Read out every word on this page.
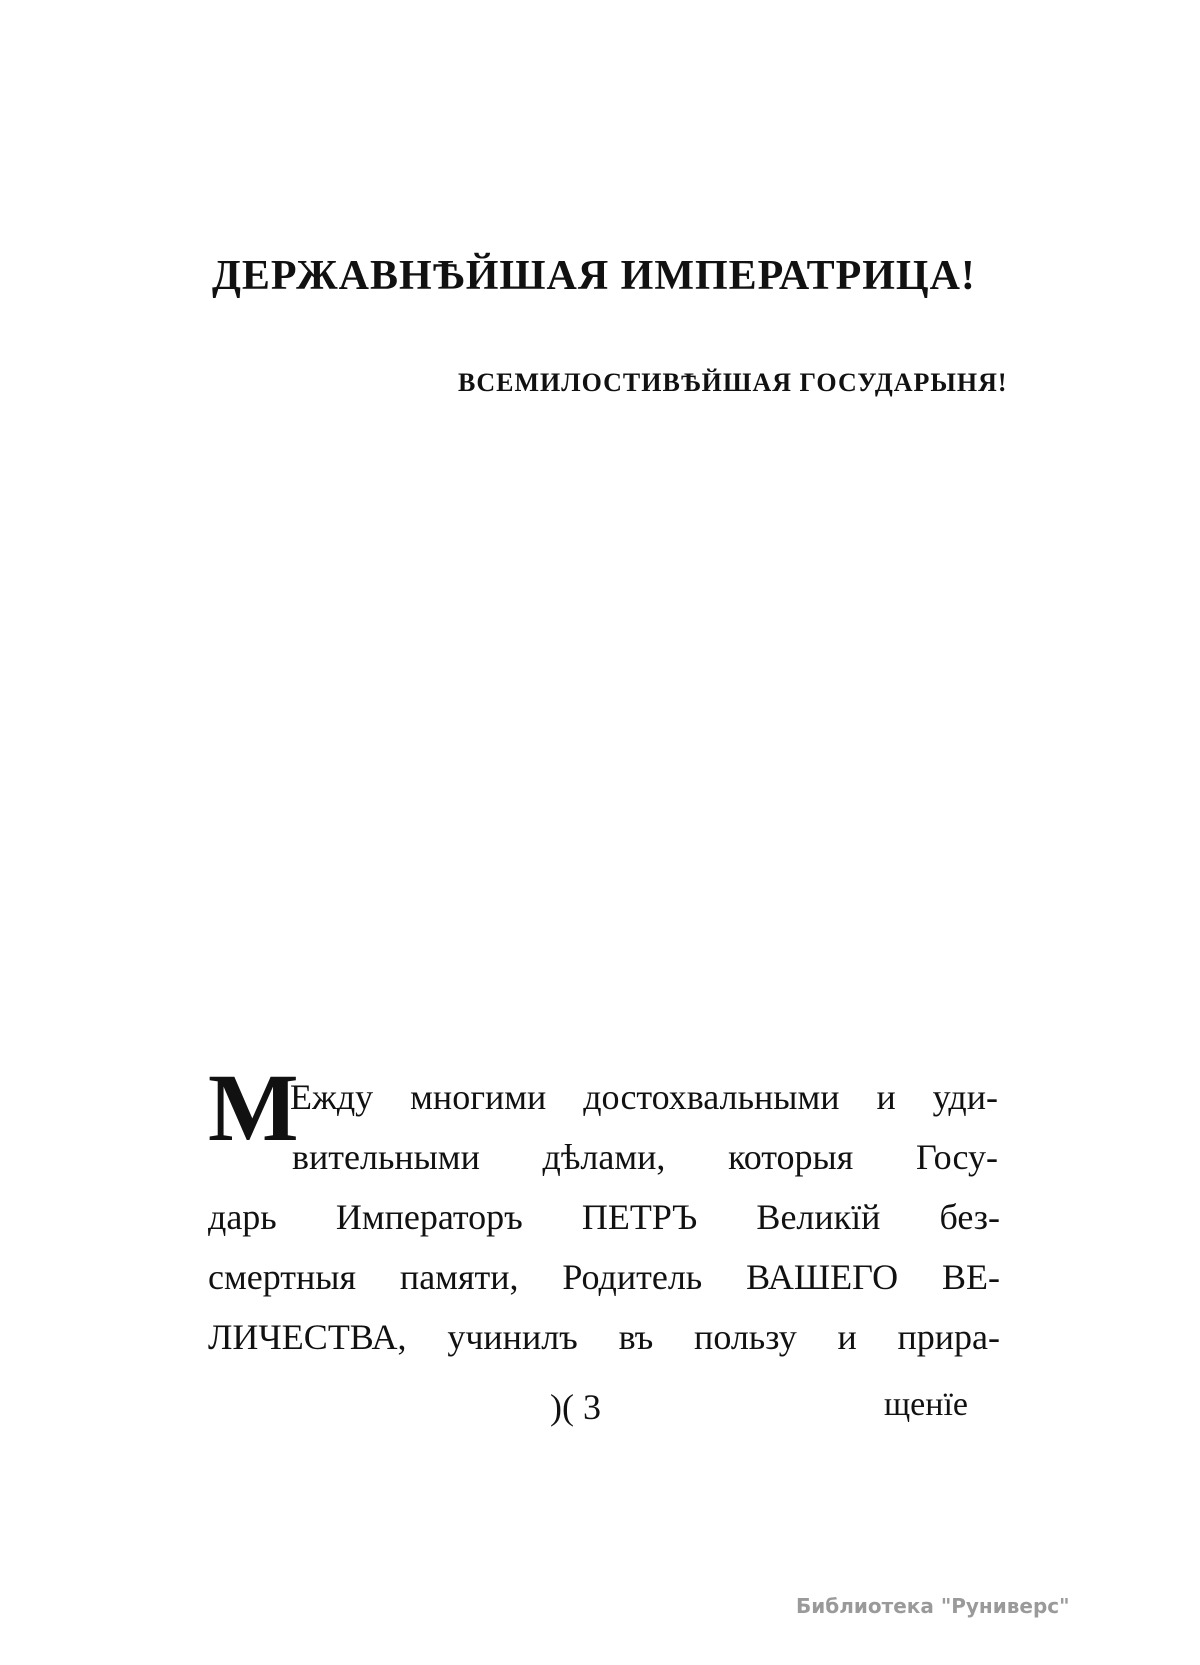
ДЕРЖАВНѢЙШАЯ ИМПЕРАТРИЦА!
ВСЕМИЛОСТИВѢЙШАЯ ГОСУДАРЫНЯ!
М
Ежду многими достохвальными и уди-
вительными дѣлами, которыя Госу-
дарь Императоръ ПЕТРЪ Великїй без-
смертныя памяти, Родитель ВАШЕГО ВЕ-
ЛИЧЕСТВА, учинилъ въ пользу и прира-
)( 3	щенїе
Библиотека "Руниверс"
